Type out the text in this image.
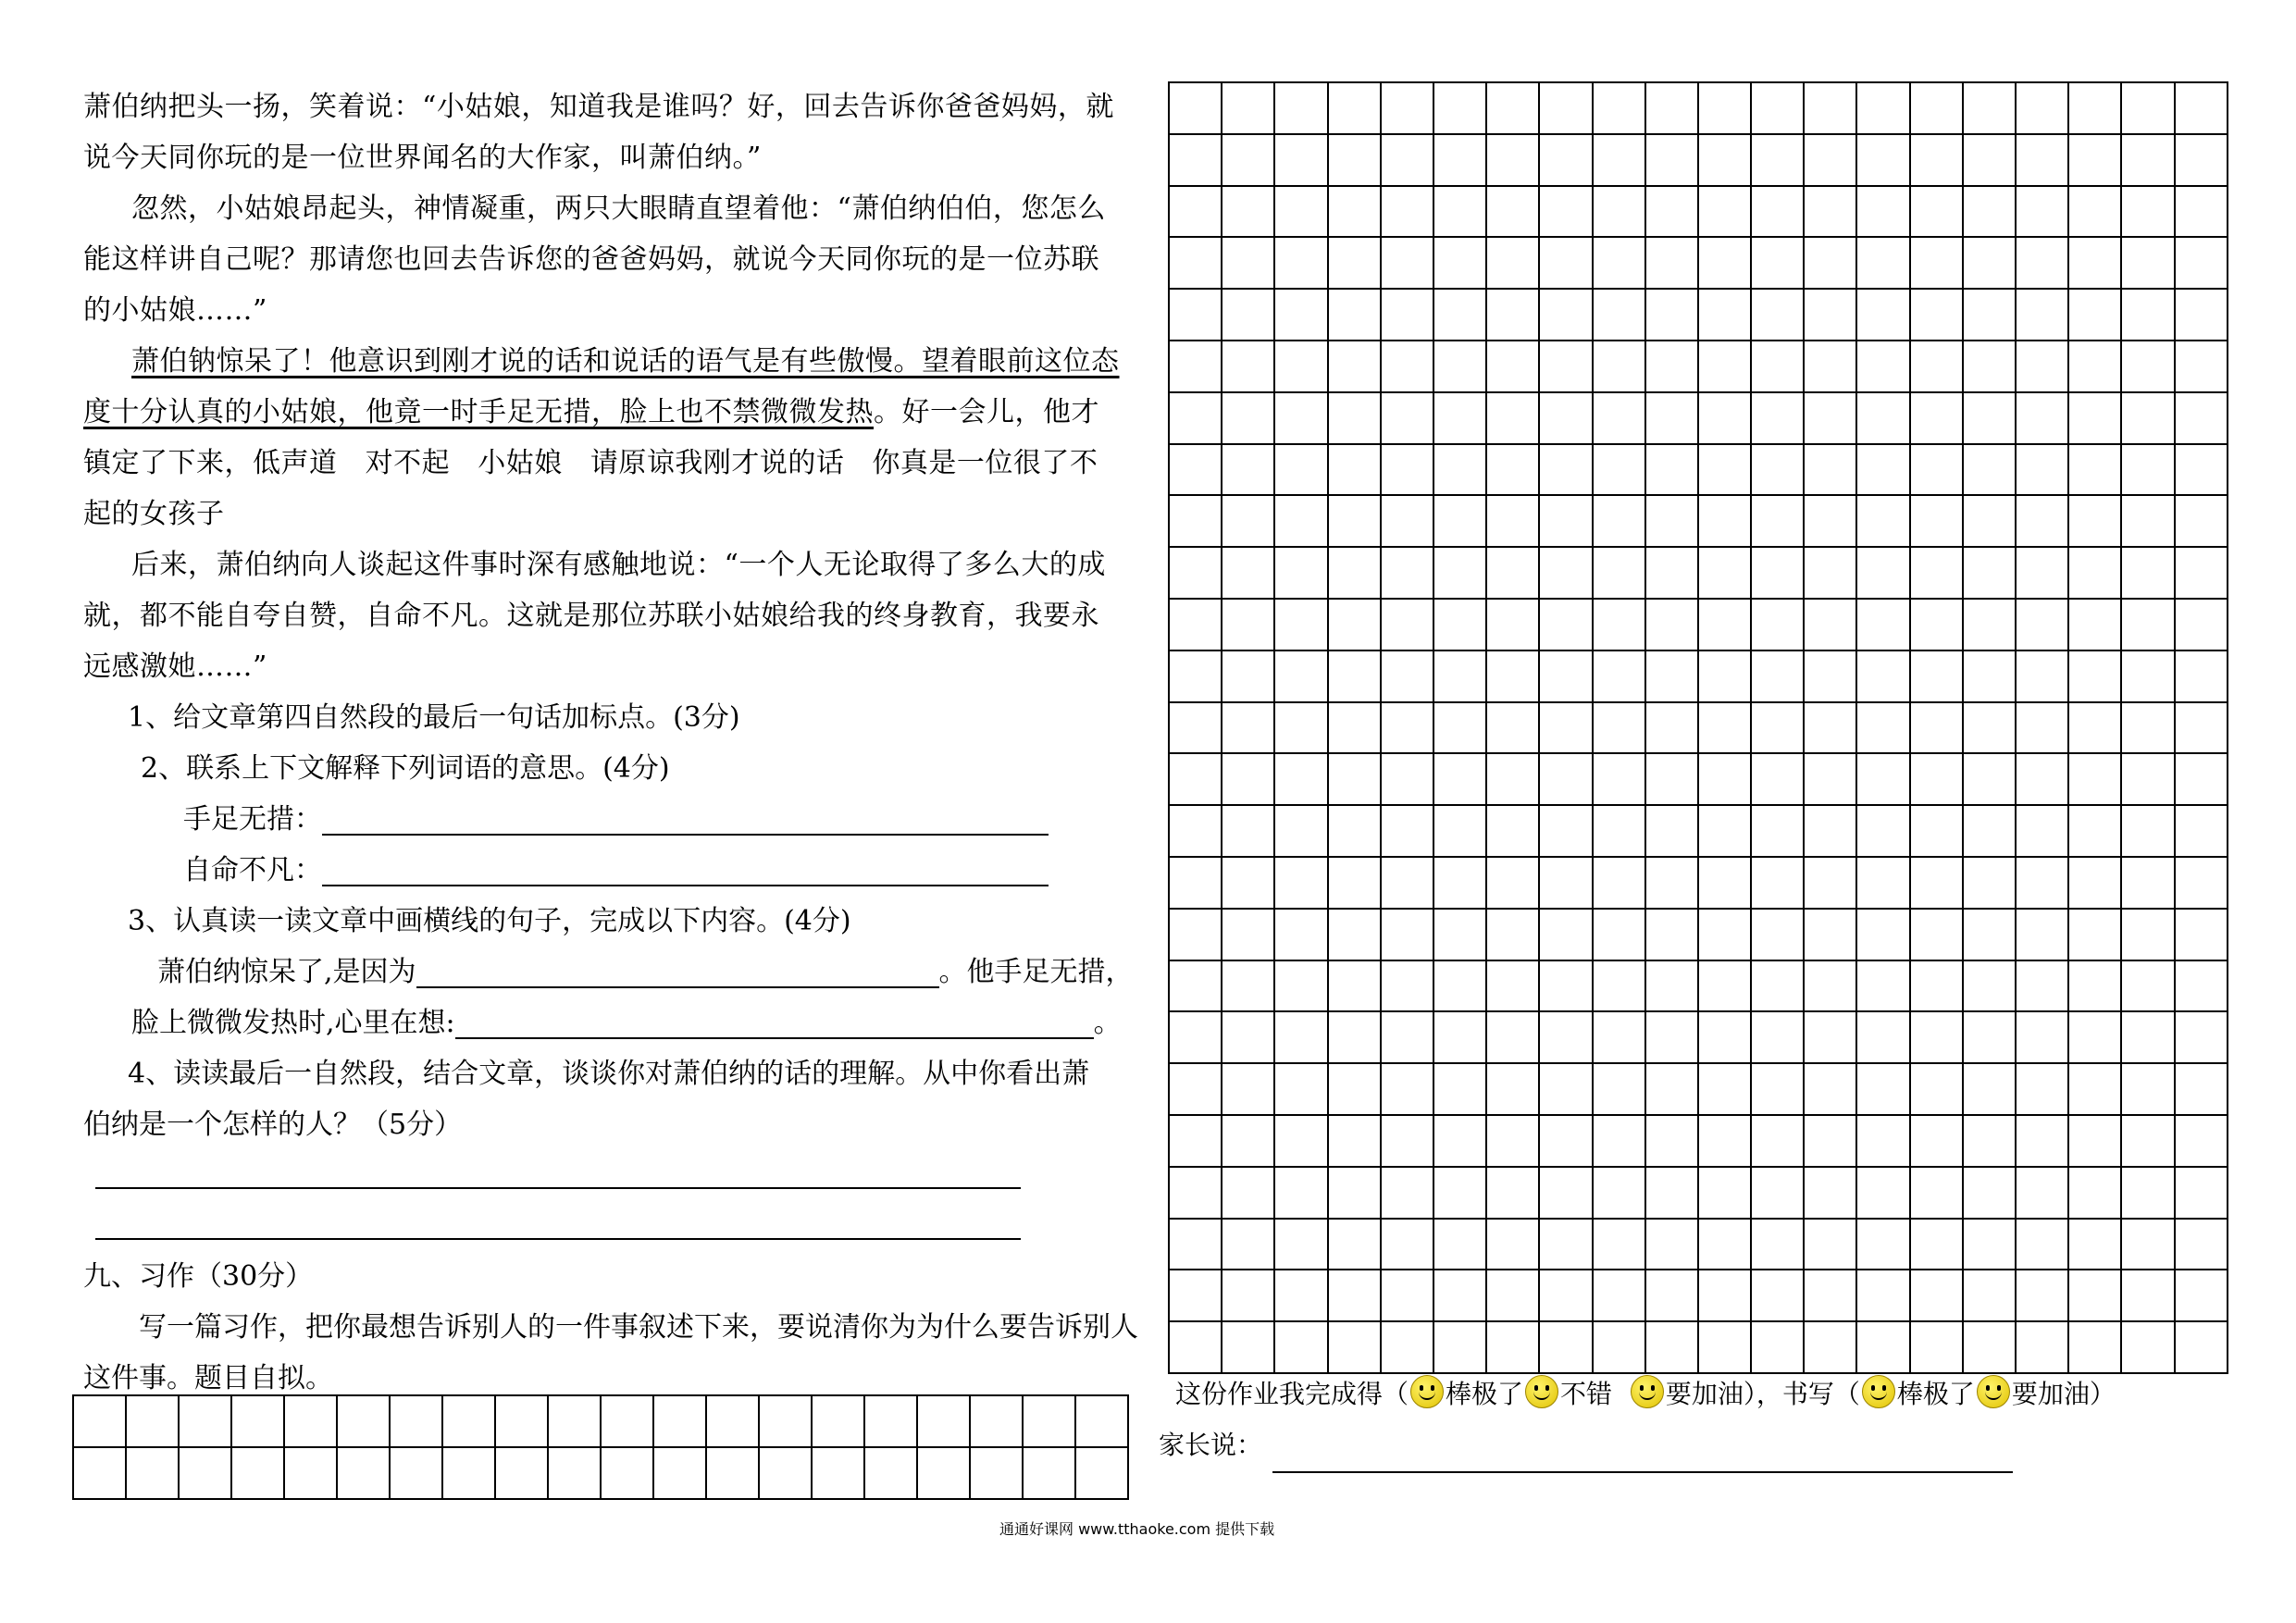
萧伯纳把头一扬，笑着说：“小姑娘，知道我是谁吗？好，回去告诉你爸爸妈妈，就

说今天同你玩的是一位世界闻名的大作家，叫萧伯纳。”

忽然，小姑娘昂起头，神情凝重，两只大眼睛直望着他：“萧伯纳伯伯，您怎么

能这样讲自己呢？那请您也回去告诉您的爸爸妈妈，就说今天同你玩的是一位苏联

的小姑娘……”

萧伯钠惊呆了！他意识到刚才说的话和说话的语气是有些傲慢。望着眼前这位态

度十分认真的小姑娘，他竟一时手足无措，脸上也不禁微微发热。好一会儿，他才

镇定了下来，低声道   对不起   小姑娘   请原谅我刚才说的话   你真是一位很了不

起的女孩子

后来，萧伯纳向人谈起这件事时深有感触地说：“一个人无论取得了多么大的成

就，都不能自夸自赞，自命不凡。这就是那位苏联小姑娘给我的终身教育，我要永

远感激她……”

1、给文章第四自然段的最后一句话加标点。(3分)

2、联系上下文解释下列词语的意思。(4分)

手足无措：
自命不凡：

3、认真读一读文章中画横线的句子，完成以下内容。(4分)

萧伯纳惊呆了,是因为	。他手足无措，
脸上微微发热时,心里在想:	。

4、读读最后一自然段，结合文章，谈谈你对萧伯纳的话的理解。从中你看出萧

伯纳是一个怎样的人？（5分）

九、习作（30分）

写一篇习作，把你最想告诉别人的一件事叙述下来，要说清你为为什么要告诉别人

这件事。题目自拟。	这份作业我完成得（ 棒极了 不错 要加油），书写（ 棒极了 要加油）
家长说：
通通好课网 www.tthaoke.com 提供下载
